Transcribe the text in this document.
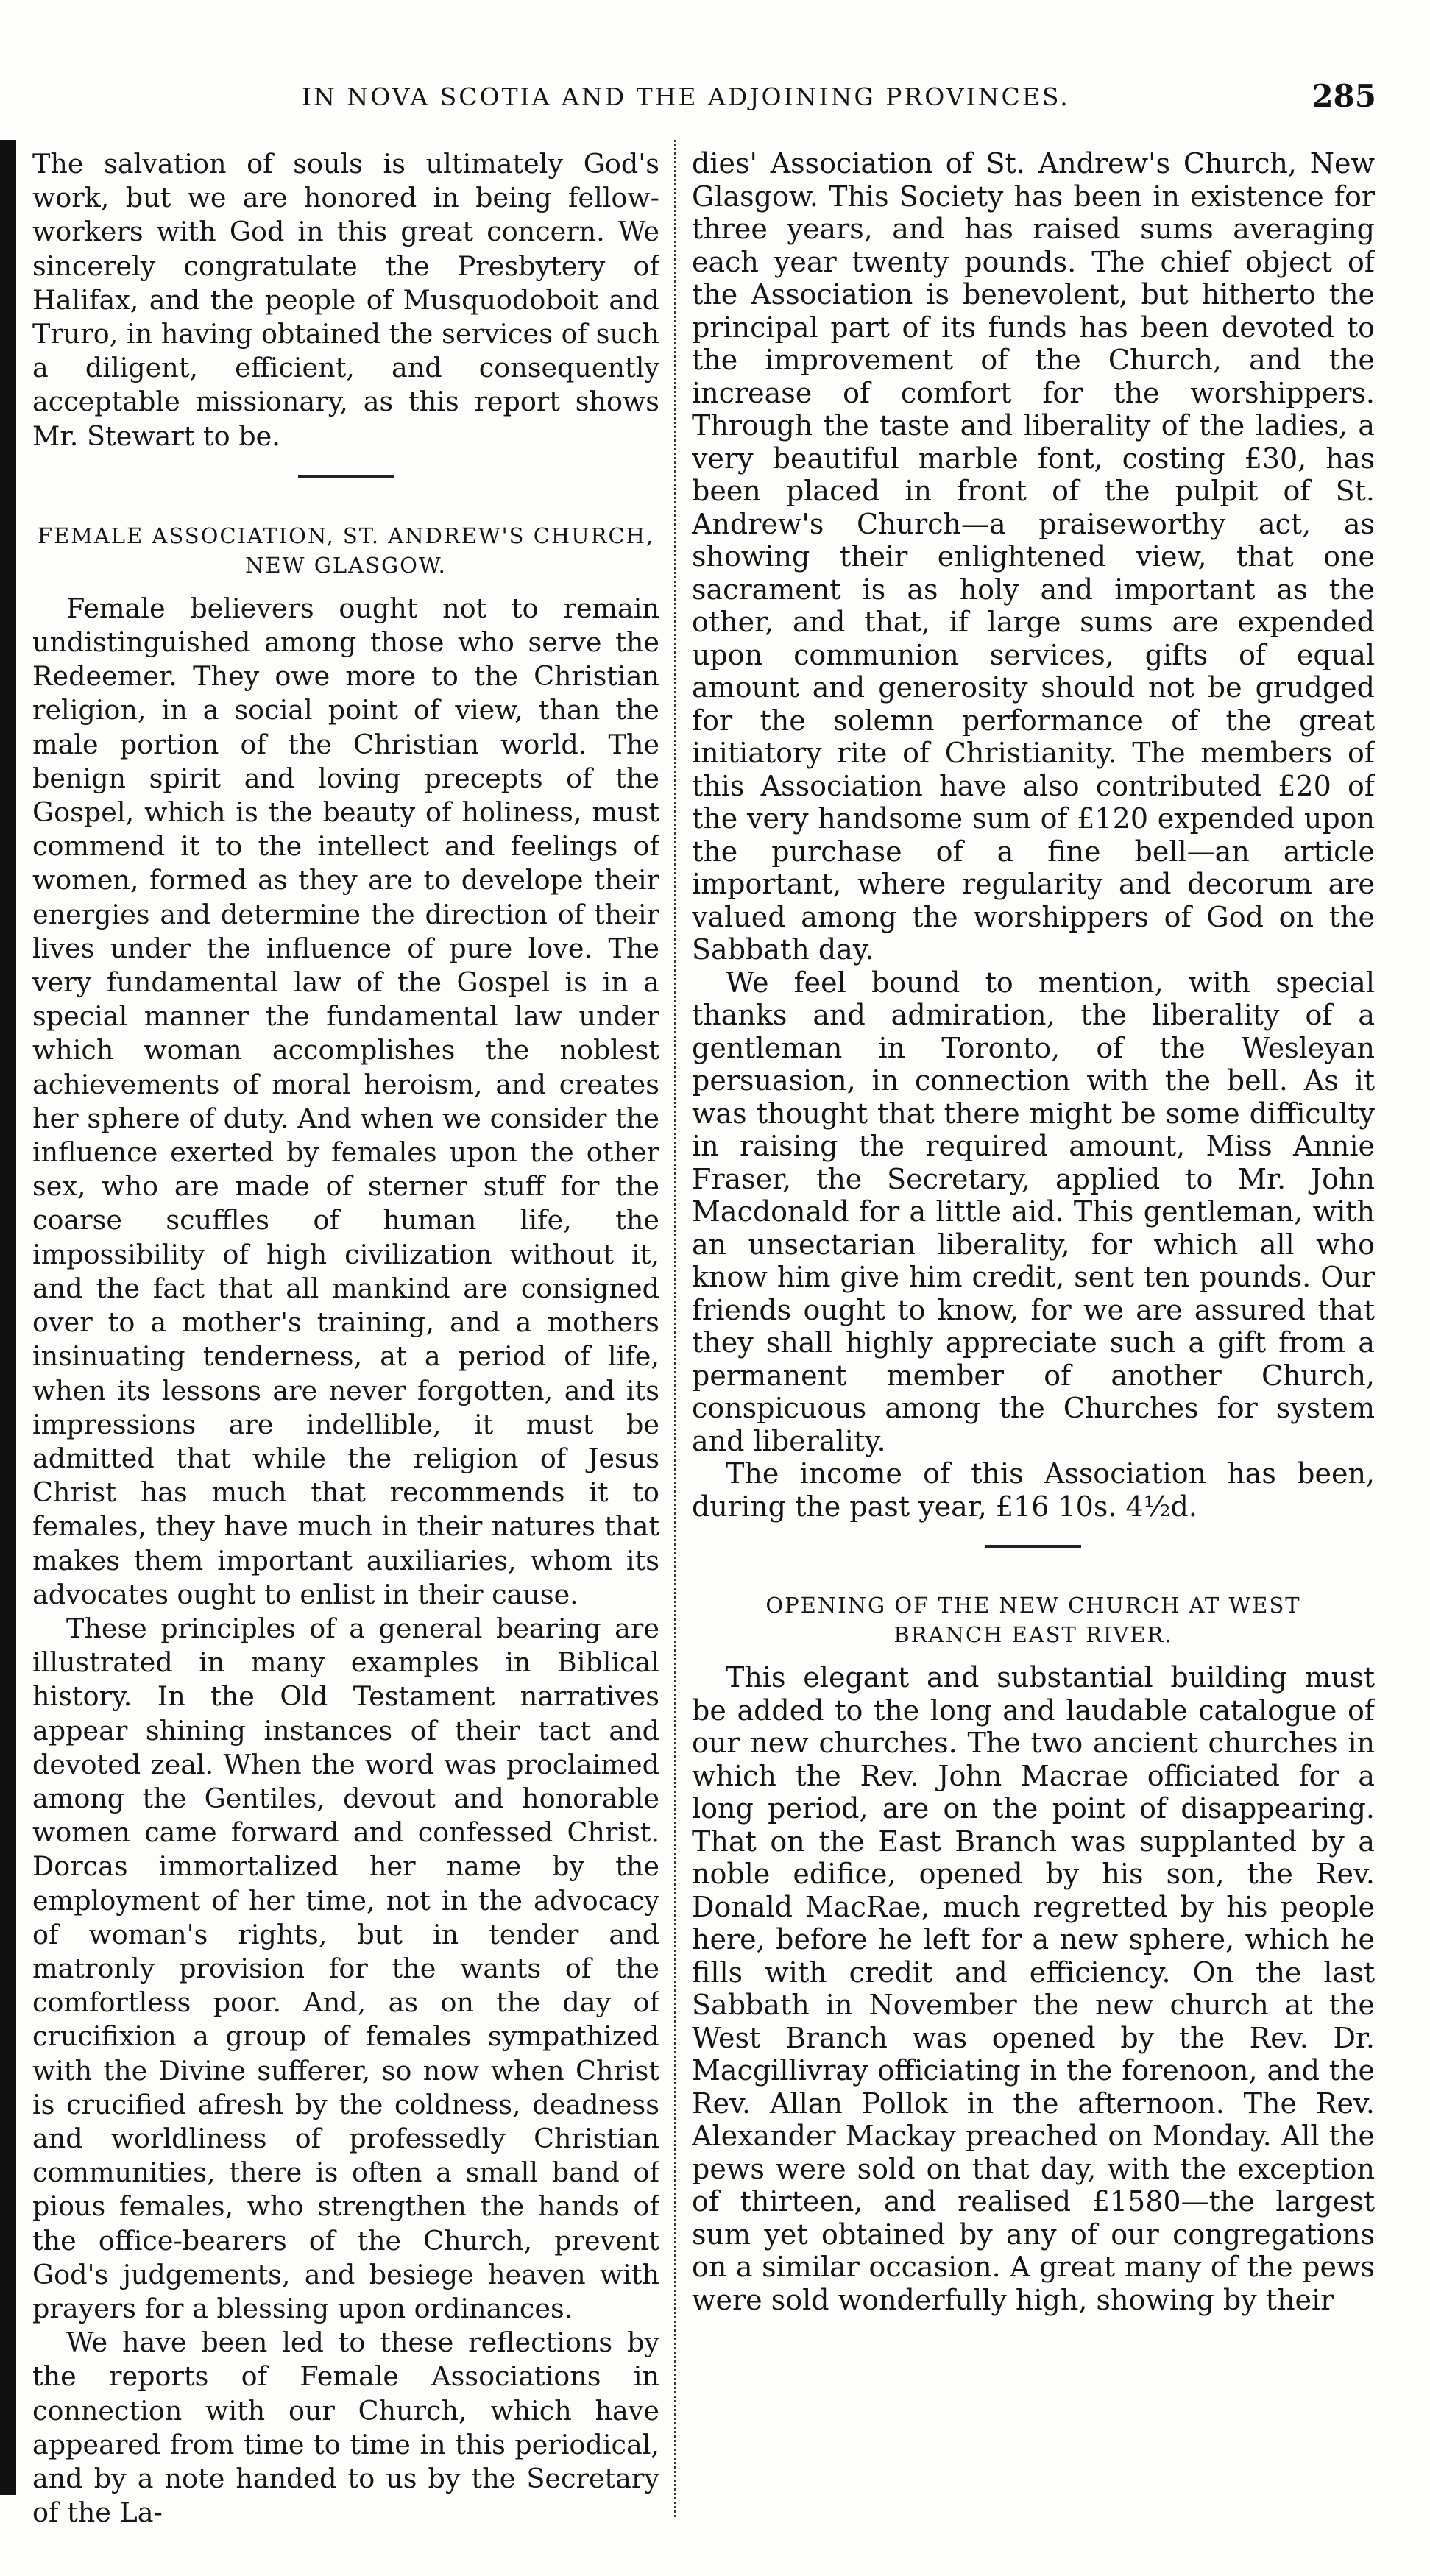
IN NOVA SCOTIA AND THE ADJOINING PROVINCES.	285

The salvation of souls is ultimately God's work, but we are honored in being fellow-workers with God in this great concern. We sincerely congratulate the Presbytery of Halifax, and the people of Musquodoboit and Truro, in having obtained the services of such a diligent, efficient, and consequently acceptable missionary, as this report shows Mr. Stewart to be.

FEMALE ASSOCIATION, ST. ANDREW'S CHURCH,
NEW GLASGOW.

Female believers ought not to remain undistinguished among those who serve the Redeemer. They owe more to the Christian religion, in a social point of view, than the male portion of the Christian world. The benign spirit and loving precepts of the Gospel, which is the beauty of holiness, must commend it to the intellect and feelings of women, formed as they are to develope their energies and determine the direction of their lives under the influence of pure love. The very fundamental law of the Gospel is in a special manner the fundamental law under which woman accomplishes the noblest achievements of moral heroism, and creates her sphere of duty. And when we consider the influence exerted by females upon the other sex, who are made of sterner stuff for the coarse scuffles of human life, the impossibility of high civilization without it, and the fact that all mankind are consigned over to a mother's training, and a mothers insinuating tenderness, at a period of life, when its lessons are never forgotten, and its impressions are indellible, it must be admitted that while the religion of Jesus Christ has much that recommends it to females, they have much in their natures that makes them important auxiliaries, whom its advocates ought to enlist in their cause.

These principles of a general bearing are illustrated in many examples in Biblical history. In the Old Testament narratives appear shining instances of their tact and devoted zeal. When the word was proclaimed among the Gentiles, devout and honorable women came forward and confessed Christ. Dorcas immortalized her name by the employment of her time, not in the advocacy of woman's rights, but in tender and matronly provision for the wants of the comfortless poor. And, as on the day of crucifixion a group of females sympathized with the Divine sufferer, so now when Christ is crucified afresh by the coldness, deadness and worldliness of professedly Christian communities, there is often a small band of pious females, who strengthen the hands of the office-bearers of the Church, prevent God's judgements, and besiege heaven with prayers for a blessing upon ordinances.

We have been led to these reflections by the reports of Female Associations in connection with our Church, which have appeared from time to time in this periodical, and by a note handed to us by the Secretary of the La-

dies' Association of St. Andrew's Church, New Glasgow. This Society has been in existence for three years, and has raised sums averaging each year twenty pounds. The chief object of the Association is benevolent, but hitherto the principal part of its funds has been devoted to the improvement of the Church, and the increase of comfort for the worshippers. Through the taste and liberality of the ladies, a very beautiful marble font, costing £30, has been placed in front of the pulpit of St. Andrew's Church—a praiseworthy act, as showing their enlightened view, that one sacrament is as holy and important as the other, and that, if large sums are expended upon communion services, gifts of equal amount and generosity should not be grudged for the solemn performance of the great initiatory rite of Christianity. The members of this Association have also contributed £20 of the very handsome sum of £120 expended upon the purchase of a fine bell—an article important, where regularity and decorum are valued among the worshippers of God on the Sabbath day.

We feel bound to mention, with special thanks and admiration, the liberality of a gentleman in Toronto, of the Wesleyan persuasion, in connection with the bell. As it was thought that there might be some difficulty in raising the required amount, Miss Annie Fraser, the Secretary, applied to Mr. John Macdonald for a little aid. This gentleman, with an unsectarian liberality, for which all who know him give him credit, sent ten pounds. Our friends ought to know, for we are assured that they shall highly appreciate such a gift from a permanent member of another Church, conspicuous among the Churches for system and liberality.

The income of this Association has been, during the past year, £16 10s. 4½d.

OPENING OF THE NEW CHURCH AT WEST
BRANCH EAST RIVER.

This elegant and substantial building must be added to the long and laudable catalogue of our new churches. The two ancient churches in which the Rev. John Macrae officiated for a long period, are on the point of disappearing. That on the East Branch was supplanted by a noble edifice, opened by his son, the Rev. Donald MacRae, much regretted by his people here, before he left for a new sphere, which he fills with credit and efficiency. On the last Sabbath in November the new church at the West Branch was opened by the Rev. Dr. Macgillivray officiating in the forenoon, and the Rev. Allan Pollok in the afternoon. The Rev. Alexander Mackay preached on Monday. All the pews were sold on that day, with the exception of thirteen, and realised £1580—the largest sum yet obtained by any of our congregations on a similar occasion. A great many of the pews were sold wonderfully high, showing by their
